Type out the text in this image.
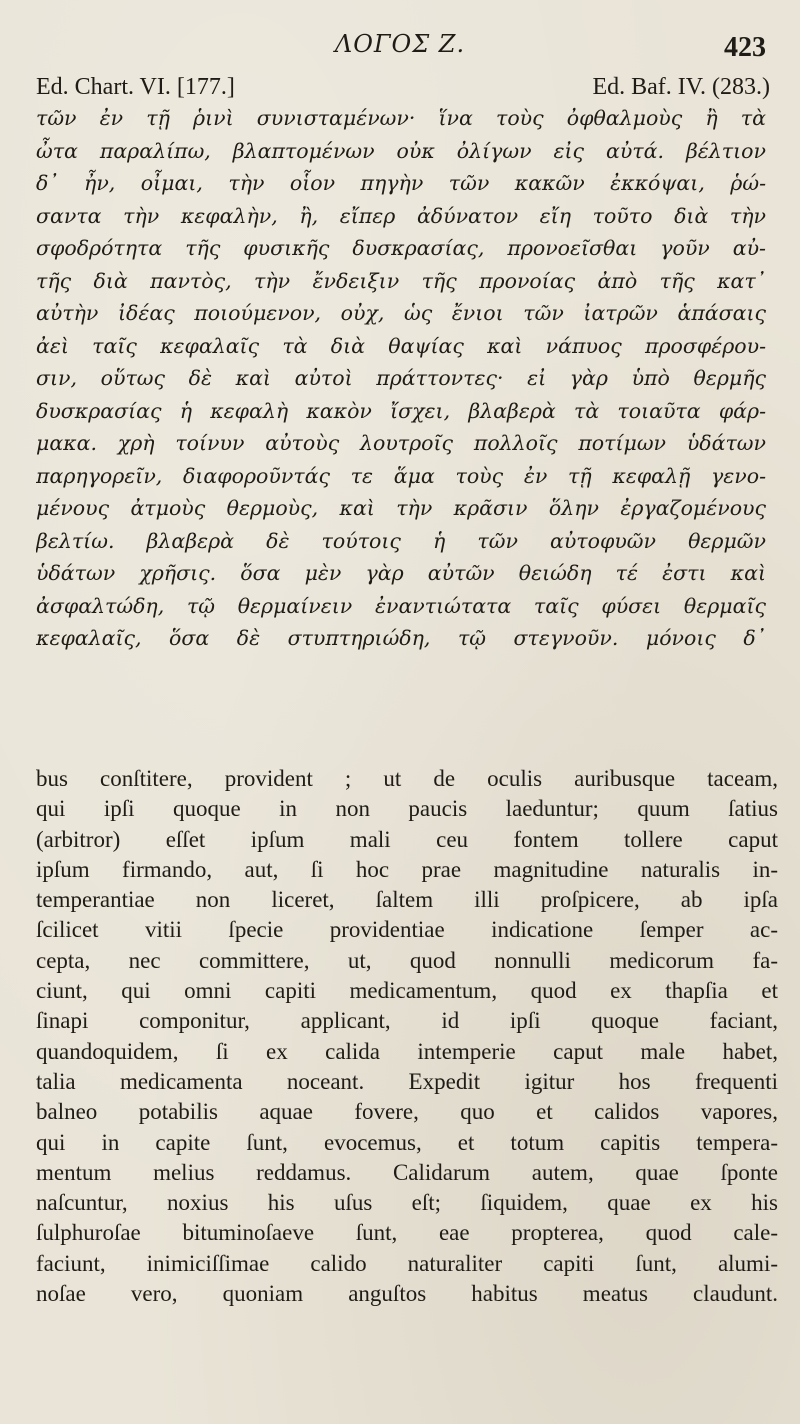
ΛΟΓΟΣ Ζ.	423
Ed. Chart. VI. [177.]	Ed. Baf. IV. (283.)
τῶν ἐν τῇ ῥινὶ συνισταμένων· ἵνα τοὺς ὀφθαλμοὺς ἢ τὰ
ὦτα παραλίπω, βλαπτομένων οὐκ ὀλίγων εἰς αὐτά. βέλτιον
δ᾽ ἦν, οἶμαι, τὴν οἷον πηγὴν τῶν κακῶν ἐκκόψαι, ῥώ-
σαντα τὴν κεφαλὴν, ἢ, εἴπερ ἀδύνατον εἴη τοῦτο διὰ τὴν
σφοδρότητα τῆς φυσικῆς δυσκρασίας, προνοεῖσθαι γοῦν αὐ-
τῆς διὰ παντὸς, τὴν ἔνδειξιν τῆς προνοίας ἀπὸ τῆς κατ᾽
αὐτὴν ἰδέας ποιούμενον, οὐχ, ὡς ἔνιοι τῶν ἰατρῶν ἁπάσαις
ἀεὶ ταῖς κεφαλαῖς τὰ διὰ θαψίας καὶ νάπυος προσφέρου-
σιν, οὕτως δὲ καὶ αὐτοὶ πράττοντες· εἰ γὰρ ὑπὸ θερμῆς
δυσκρασίας ἡ κεφαλὴ κακὸν ἴσχει, βλαβερὰ τὰ τοιαῦτα φάρ-
μακα. χρὴ τοίνυν αὐτοὺς λουτροῖς πολλοῖς ποτίμων ὑδάτων
παρηγορεῖν, διαφοροῦντάς τε ἅμα τοὺς ἐν τῇ κεφαλῇ γενο-
μένους ἀτμοὺς θερμοὺς, καὶ τὴν κρᾶσιν ὅλην ἐργαζομένους
βελτίω. βλαβερὰ δὲ τούτοις ἡ τῶν αὐτοφυῶν θερμῶν
ὑδάτων χρῆσις. ὅσα μὲν γὰρ αὐτῶν θειώδη τέ ἐστι καὶ
ἀσφαλτώδη, τῷ θερμαίνειν ἐναντιώτατα ταῖς φύσει θερμαῖς
κεφαλαῖς, ὅσα δὲ στυπτηριώδη, τῷ στεγνοῦν. μόνοις δ᾽
bus conſtitere, provident ; ut de oculis auribusque taceam,
qui ipſi quoque in non paucis laeduntur; quum ſatius
(arbitror) eſſet ipſum mali ceu fontem tollere caput
ipſum firmando, aut, ſi hoc prae magnitudine naturalis in-
temperantiae non liceret, ſaltem illi proſpicere, ab ipſa
ſcilicet vitii ſpecie providentiae indicatione ſemper ac-
cepta, nec committere, ut, quod nonnulli medicorum fa-
ciunt, qui omni capiti medicamentum, quod ex thapſia et
ſinapi componitur, applicant, id ipſi quoque faciant,
quandoquidem, ſi ex calida intemperie caput male habet,
talia medicamenta noceant. Expedit igitur hos frequenti
balneo potabilis aquae fovere, quo et calidos vapores,
qui in capite ſunt, evocemus, et totum capitis tempera-
mentum melius reddamus. Calidarum autem, quae ſponte
naſcuntur, noxius his uſus eſt; ſiquidem, quae ex his
ſulphuroſae bituminoſaeve ſunt, eae propterea, quod cale-
faciunt, inimiciſſimae calido naturaliter capiti ſunt, alumi-
noſae vero, quoniam anguſtos habitus meatus claudunt.
